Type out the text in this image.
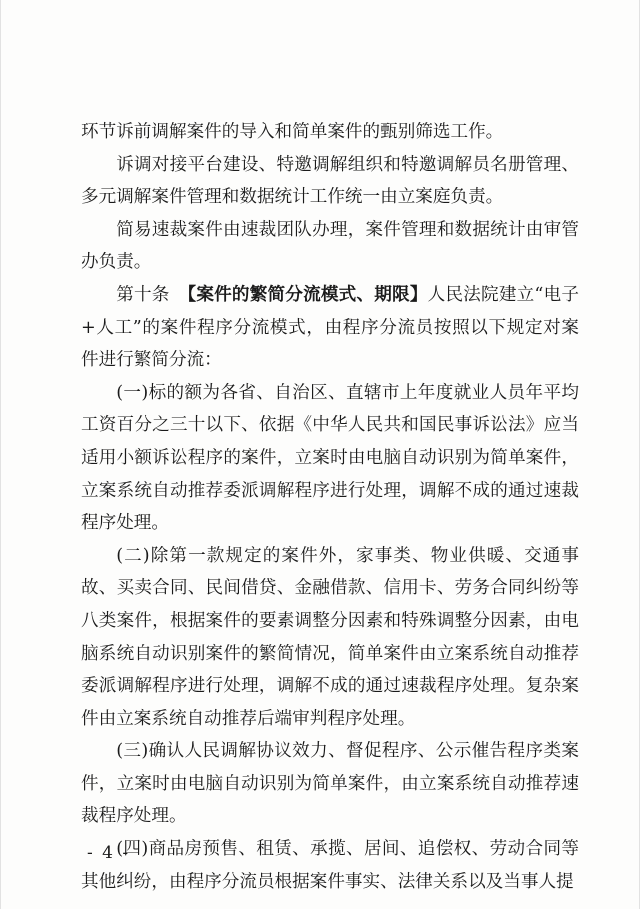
环节诉前调解案件的导入和简单案件的甄别筛选工作。

诉调对接平台建设、特邀调解组织和特邀调解员名册管理、多元调解案件管理和数据统计工作统一由立案庭负责。

简易速裁案件由速裁团队办理，案件管理和数据统计由审管办负责。

第十条　 【案件的繁简分流模式、期限】人民法院建立“电子+人工”的案件程序分流模式，由程序分流员按照以下规定对案件进行繁简分流：

(一)标的额为各省、自治区、直辖市上年度就业人员年平均工资百分之三十以下、依据《中华人民共和国民事诉讼法》应当适用小额诉讼程序的案件，立案时由电脑自动识别为简单案件，立案系统自动推荐委派调解程序进行处理，调解不成的通过速裁程序处理。

(二)除第一款规定的案件外，家事类、物业供暖、交通事故、买卖合同、民间借贷、金融借款、信用卡、劳务合同纠纷等八类案件，根据案件的要素调整分因素和特殊调整分因素，由电脑系统自动识别案件的繁简情况，简单案件由立案系统自动推荐委派调解程序进行处理，调解不成的通过速裁程序处理。复杂案件由立案系统自动推荐后端审判程序处理。

(三)确认人民调解协议效力、督促程序、公示催告程序类案件，立案时由电脑自动识别为简单案件，由立案系统自动推荐速裁程序处理。

(四)商品房预售、租赁、承揽、居间、追偿权、劳动合同等其他纠纷，由程序分流员根据案件事实、法律关系以及当事人提

- 4 -
